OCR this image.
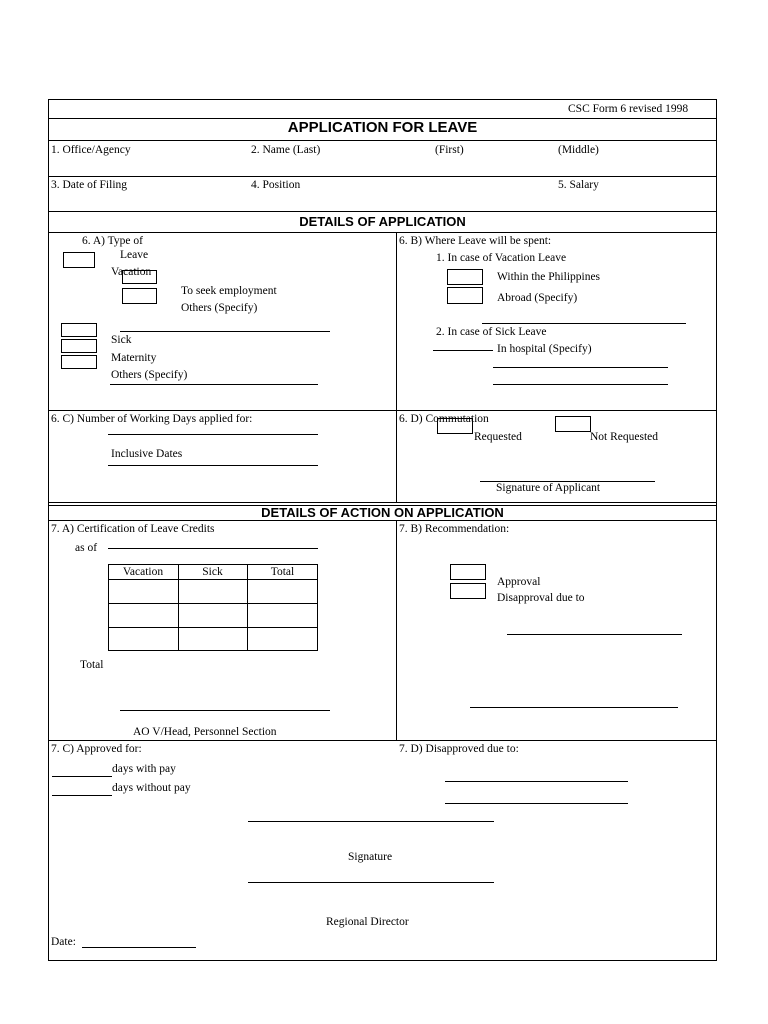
CSC Form 6 revised 1998
APPLICATION FOR LEAVE
1. Office/Agency	2. Name (Last)	(First)	(Middle)
3. Date of Filing	4. Position	5. Salary
DETAILS OF APPLICATION
6. A) Type of
Leave
Vacation
To seek employment
Others (Specify)
Sick
Maternity
Others (Specify)
6. B) Where Leave will be spent:
1. In case of Vacation Leave
Within the Philippines
Abroad (Specify)
2. In case of Sick Leave
In hospital (Specify)
6. C) Number of Working Days applied for:
Inclusive Dates
6. D) Commutation
Requested	Not Requested
Signature of Applicant
DETAILS OF ACTION ON APPLICATION
7. A) Certification of Leave Credits
as of
Vacation	Sick	Total
Total
AO V/Head, Personnel Section
7. B) Recommendation:
Approval
Disapproval due to
7. C) Approved for:
days with pay
days without pay
7. D) Disapproved due to:
Signature
Regional Director
Date:
